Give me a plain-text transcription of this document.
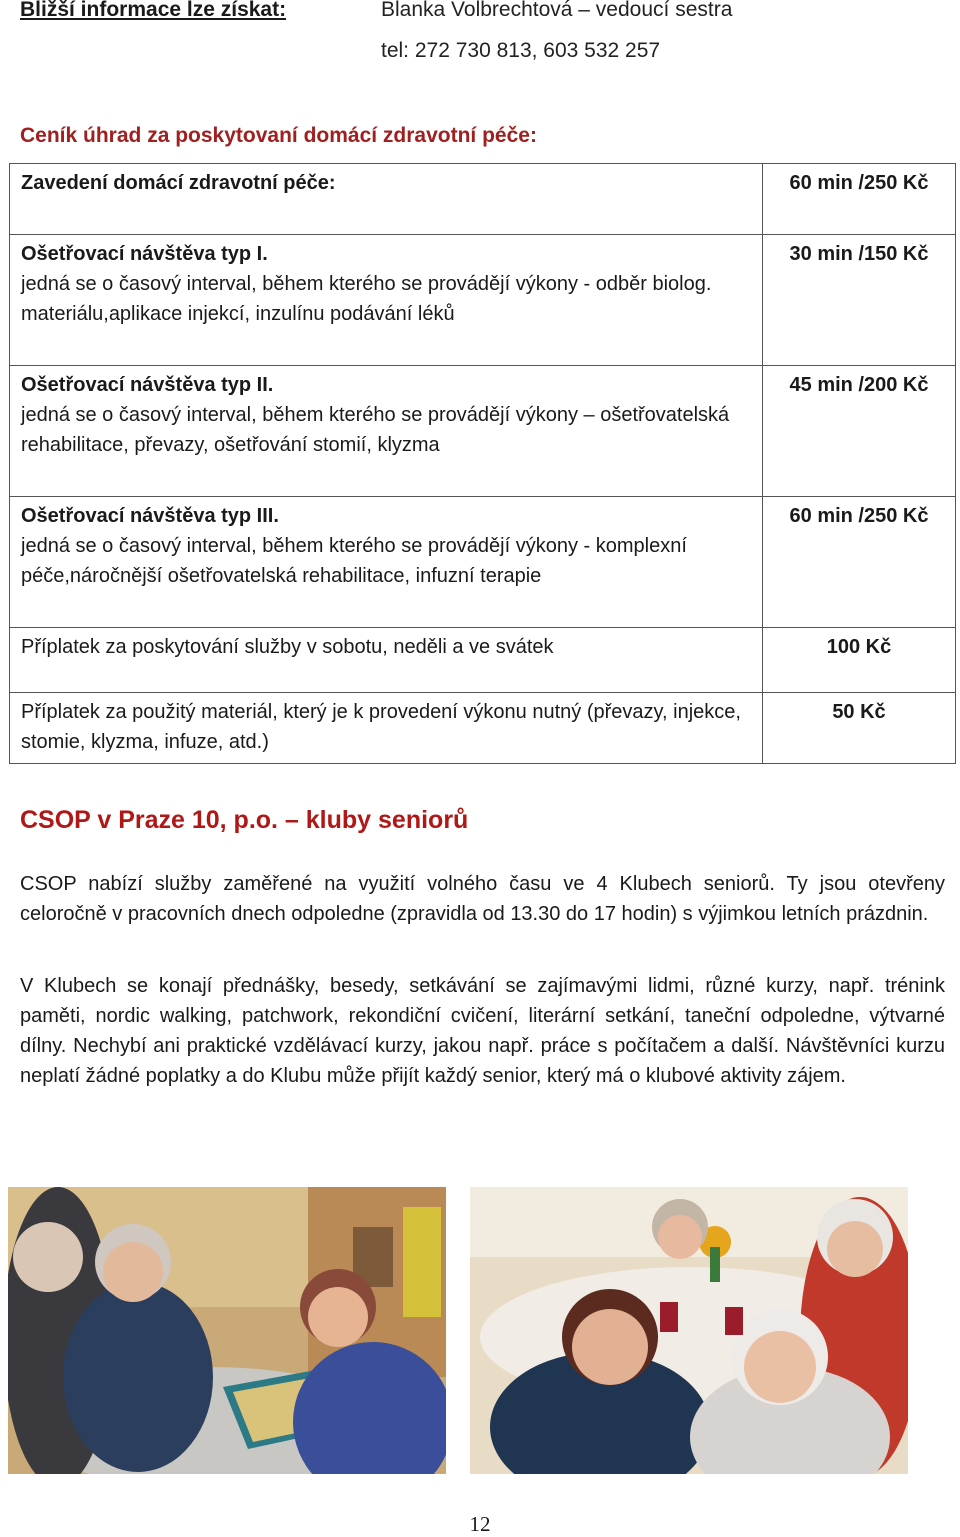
Bližší informace lze získat:	Blanka Volbrechtová – vedoucí sestra
tel: 272 730 813, 603 532 257
Ceník úhrad za poskytovaní domácí zdravotní péče:
Zavedení domácí zdravotní péče:	60 min /250 Kč

Ošetřovací návštěva typ I.
jedná se o časový interval, během kterého se provádějí výkony - odběr biolog. materiálu,aplikace injekcí, inzulínu podávání léků	30 min /150 Kč

Ošetřovací návštěva typ II.
jedná se o časový interval, během kterého se provádějí výkony – ošetřovatelská rehabilitace, převazy, ošetřování stomií, klyzma	45 min /200 Kč

Ošetřovací návštěva typ III.
jedná se o časový interval, během kterého se provádějí výkony - komplexní péče,náročnější ošetřovatelská rehabilitace, infuzní terapie	60 min /250 Kč

Příplatek za poskytování služby v sobotu, neděli a ve svátek	100 Kč

Příplatek za použitý materiál, který je k provedení výkonu nutný (převazy, injekce, stomie, klyzma, infuze, atd.)	50 Kč
CSOP v Praze 10, p.o. – kluby seniorů
CSOP nabízí služby zaměřené na využití volného času ve 4 Klubech seniorů. Ty jsou otevřeny celoročně v pracovních dnech odpoledne (zpravidla od 13.30 do 17 hodin) s výjimkou letních prázdnin.
V Klubech se konají přednášky, besedy, setkávání se zajímavými lidmi, různé kurzy, např. trénink paměti, nordic walking, patchwork, rekondiční cvičení, literární setkání, taneční odpoledne, výtvarné dílny. Nechybí ani praktické vzdělávací kurzy, jakou např. práce s počítačem a další. Návštěvníci kurzu neplatí žádné poplatky a do Klubu může přijít každý senior, který má o klubové aktivity zájem.
12
